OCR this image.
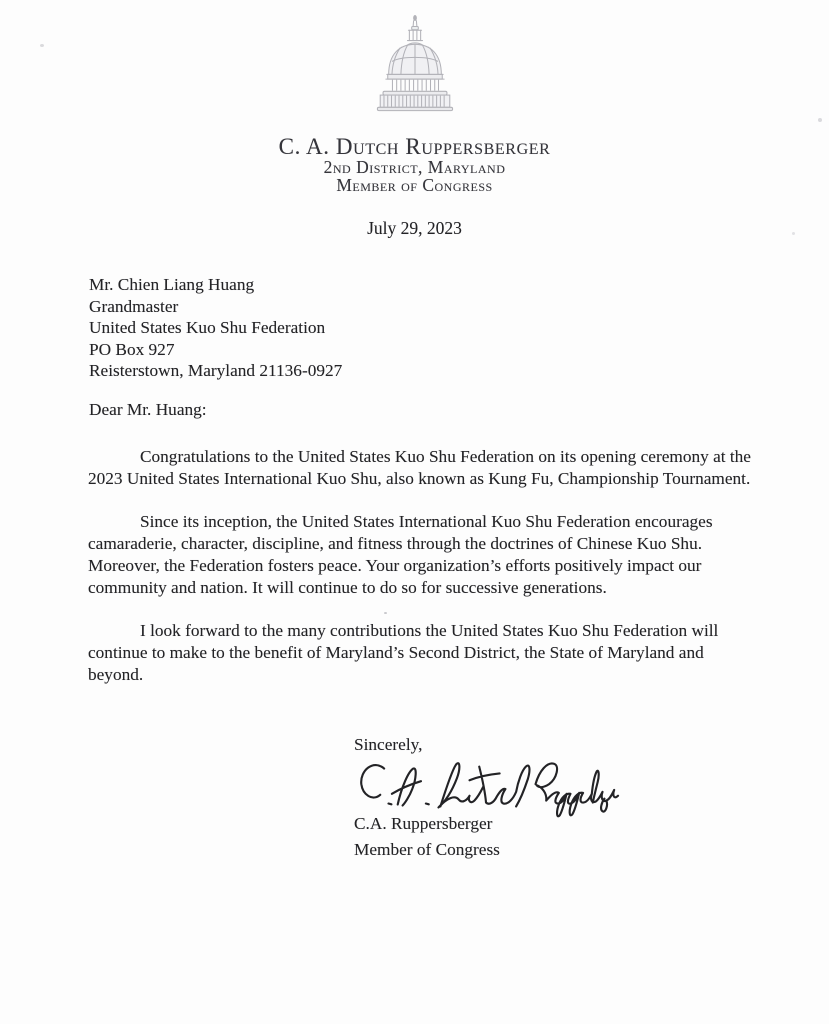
C. A. Dutch Ruppersberger
2nd District, Maryland
Member of Congress
July 29, 2023
Mr. Chien Liang Huang
Grandmaster
United States Kuo Shu Federation
PO Box 927
Reisterstown, Maryland 21136-0927
Dear Mr. Huang:

Congratulations to the United States Kuo Shu Federation on its opening ceremony at the 2023 United States International Kuo Shu, also known as Kung Fu, Championship Tournament.

Since its inception, the United States International Kuo Shu Federation encourages camaraderie, character, discipline, and fitness through the doctrines of Chinese Kuo Shu. Moreover, the Federation fosters peace. Your organization’s efforts positively impact our community and nation. It will continue to do so for successive generations.

I look forward to the many contributions the United States Kuo Shu Federation will continue to make to the benefit of Maryland’s Second District, the State of Maryland and beyond.

Sincerely,
C.A. Ruppersberger
Member of Congress
